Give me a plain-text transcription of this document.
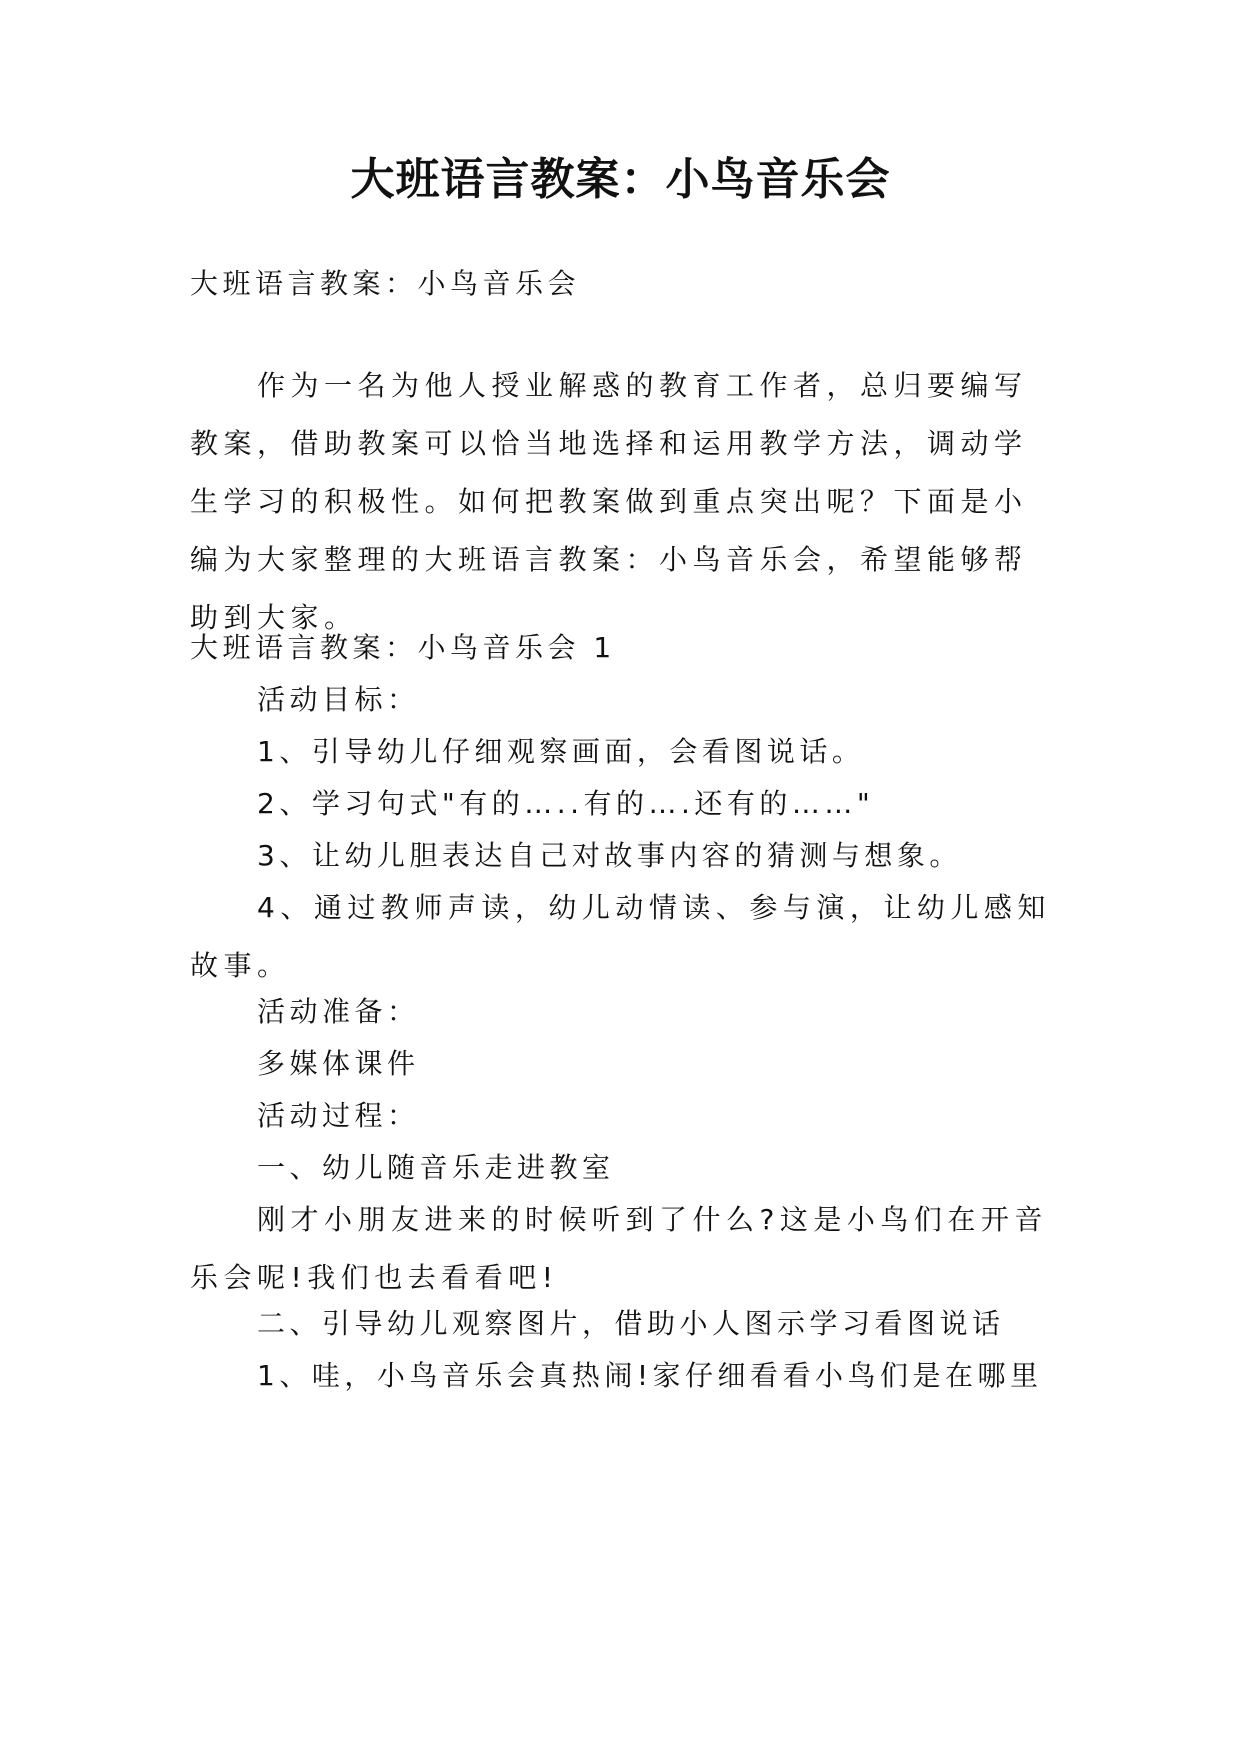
大班语言教案：小鸟音乐会
大班语言教案：小鸟音乐会

作为一名为他人授业解惑的教育工作者，总归要编写教案，借助教案可以恰当地选择和运用教学方法，调动学生学习的积极性。如何把教案做到重点突出呢？下面是小编为大家整理的大班语言教案：小鸟音乐会，希望能够帮助到大家。

大班语言教案：小鸟音乐会 1
活动目标：
1、引导幼儿仔细观察画面，会看图说话。
2、学习句式"有的…..有的….还有的……"
3、让幼儿胆表达自己对故事内容的猜测与想象。

4、通过教师声读，幼儿动情读、参与演，让幼儿感知故事。

活动准备：
多媒体课件
活动过程：
一、幼儿随音乐走进教室

刚才小朋友进来的时候听到了什么?这是小鸟们在开音乐会呢!我们也去看看吧!

二、引导幼儿观察图片，借助小人图示学习看图说话
1、哇，小鸟音乐会真热闹!家仔细看看小鸟们是在哪里
